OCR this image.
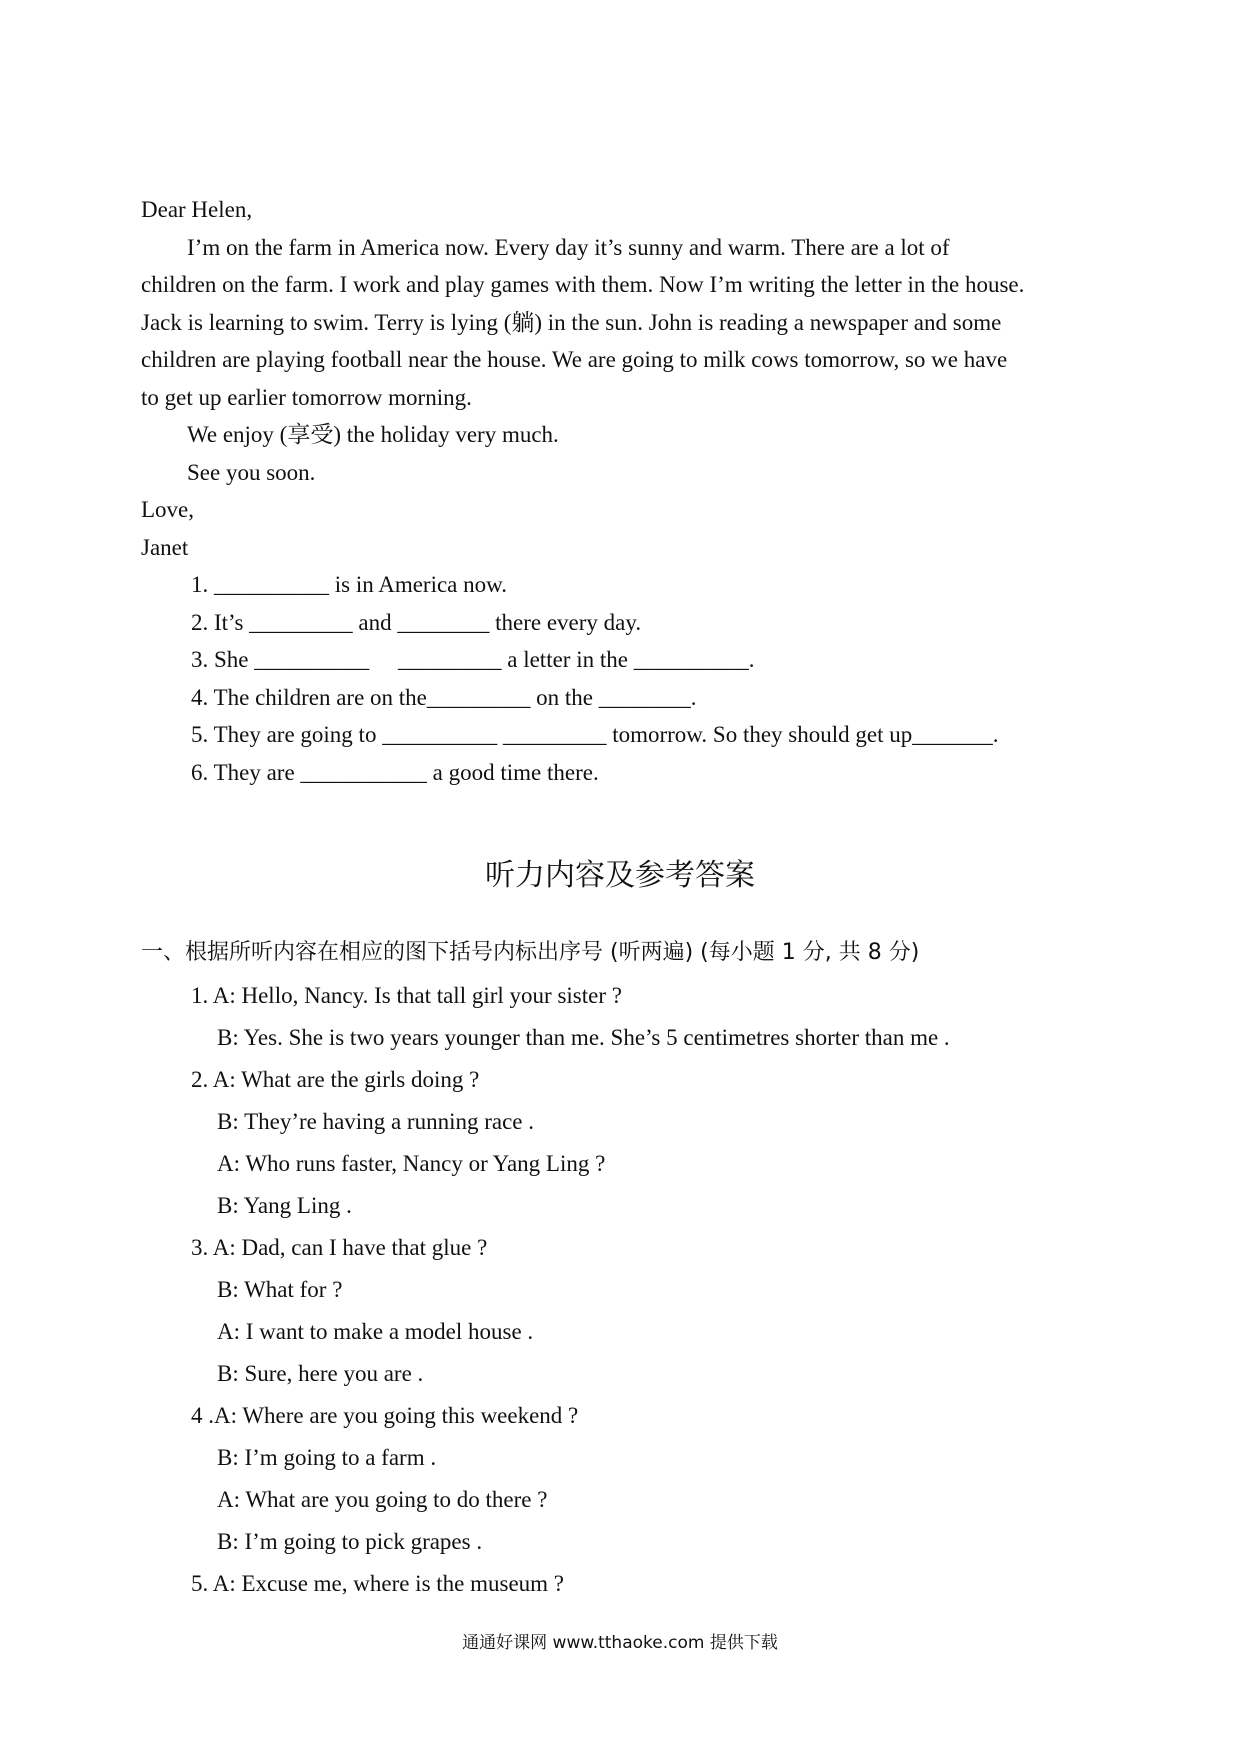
Dear Helen,
I’m on the farm in America now. Every day it’s sunny and warm. There are a lot of
children on the farm. I work and play games with them. Now I’m writing the letter in the house.
Jack is learning to swim. Terry is lying (躺) in the sun. John is reading a newspaper and some
children are playing football near the house. We are going to milk cows tomorrow, so we have
to get up earlier tomorrow morning.
We enjoy (享受) the holiday very much.
See you soon.
Love,
Janet
1. __________ is in America now.
2. It’s _________ and ________ there every day.
3. She __________     _________ a letter in the __________.
4. The children are on the_________ on the ________.
5. They are going to __________ _________ tomorrow. So they should get up_______.
6. They are ___________ a good time there.
听力内容及参考答案
一、根据所听内容在相应的图下括号内标出序号 (听两遍) (每小题 1 分, 共 8 分)
1. A: Hello, Nancy. Is that tall girl your sister ?
B: Yes. She is two years younger than me. She’s 5 centimetres shorter than me .
2. A: What are the girls doing ?
B: They’re having a running race .
A: Who runs faster, Nancy or Yang Ling ?
B: Yang Ling .
3. A: Dad, can I have that glue ?
B: What for ?
A: I want to make a model house .
B: Sure, here you are .
4 .A: Where are you going this weekend ?
B: I’m going to a farm .
A: What are you going to do there ?
B: I’m going to pick grapes .
5. A: Excuse me, where is the museum ?
通通好课网 www.tthaoke.com 提供下载
